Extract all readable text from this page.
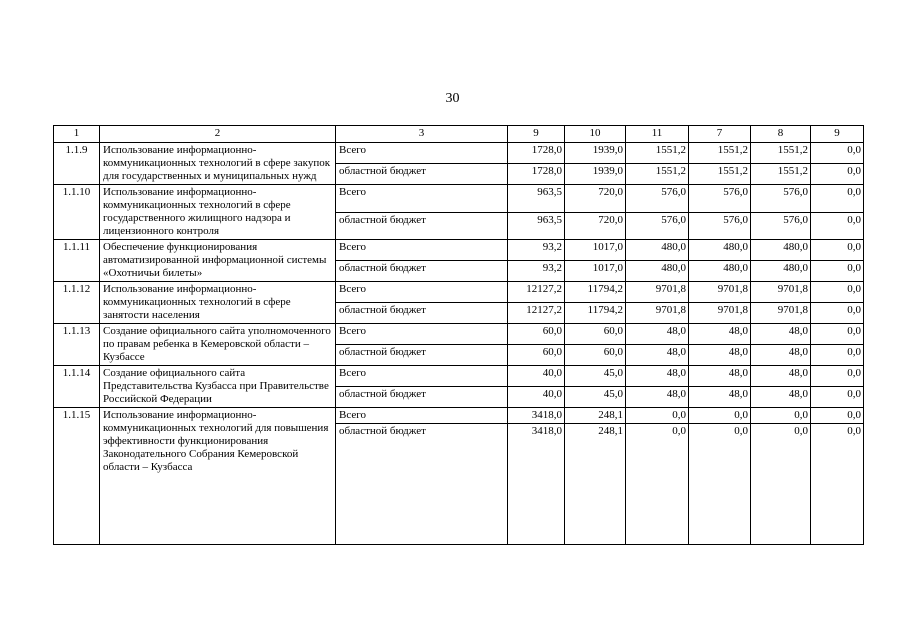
30
1	2	3	9	10	11	7	8	9
1.1.9	Использование информационно-коммуникационных технологий в сфере закупок для государственных и муниципальных нужд	Всего	1728,0	1939,0	1551,2	1551,2	1551,2	0,0
		областной бюджет	1728,0	1939,0	1551,2	1551,2	1551,2	0,0
1.1.10	Использование информационно-коммуникационных технологий в сфере государственного жилищного надзора и лицензионного контроля	Всего	963,5	720,0	576,0	576,0	576,0	0,0
		областной бюджет	963,5	720,0	576,0	576,0	576,0	0,0
1.1.11	Обеспечение функционирования автоматизированной информационной системы «Охотничьи билеты»	Всего	93,2	1017,0	480,0	480,0	480,0	0,0
		областной бюджет	93,2	1017,0	480,0	480,0	480,0	0,0
1.1.12	Использование информационно-коммуникационных технологий в сфере занятости населения	Всего	12127,2	11794,2	9701,8	9701,8	9701,8	0,0
		областной бюджет	12127,2	11794,2	9701,8	9701,8	9701,8	0,0
1.1.13	Создание официального сайта уполномоченного по правам ребенка в Кемеровской области – Кузбассе	Всего	60,0	60,0	48,0	48,0	48,0	0,0
		областной бюджет	60,0	60,0	48,0	48,0	48,0	0,0
1.1.14	Создание официального сайта Представительства Кузбасса при Правительстве Российской Федерации	Всего	40,0	45,0	48,0	48,0	48,0	0,0
		областной бюджет	40,0	45,0	48,0	48,0	48,0	0,0
1.1.15	Использование информационно-коммуникационных технологий для повышения эффективности функционирования Законодательного Собрания Кемеровской области – Кузбасса	Всего	3418,0	248,1	0,0	0,0	0,0	0,0
		областной бюджет	3418,0	248,1	0,0	0,0	0,0	0,0
